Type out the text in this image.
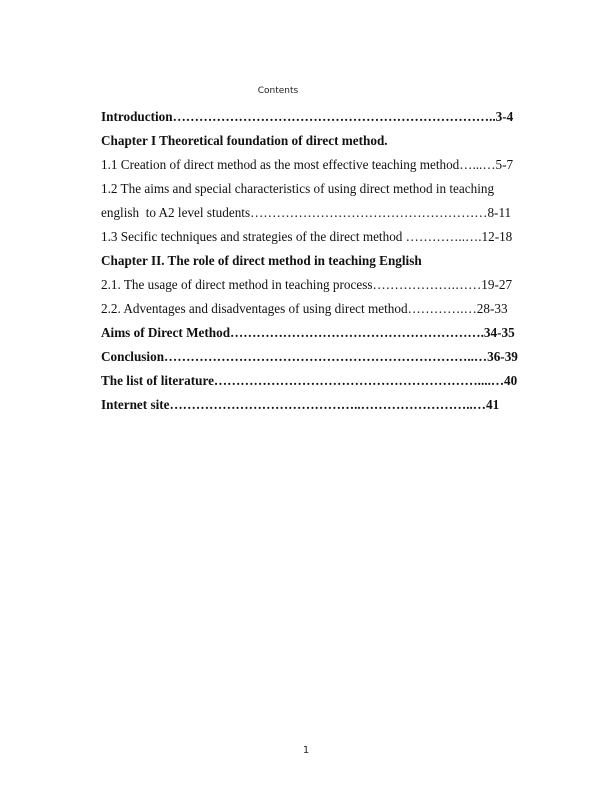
Contents
Introduction………………………………………………………………..3-4
Chapter I Theoretical foundation of direct method.
1.1 Creation of direct method as the most effective teaching method…...…5-7
1.2 The aims and special characteristics of using direct method in teaching
english  to A2 level students………………………………………………8-11
1.3 Secific techniques and strategies of the direct method …………..….12-18
Chapter II. The role of direct method in teaching English
2.1. The usage of direct method in teaching process……………….……19-27
2.2. Adventages and disadvеntages of using direct method………….…28-33
Aims of Direct Method………………………………………………….34-35
Conclusion……………………………………………………………..…36-39
The list of literature……………………………………………………....…40
Internet site……………………………………..……………………..…41
1
